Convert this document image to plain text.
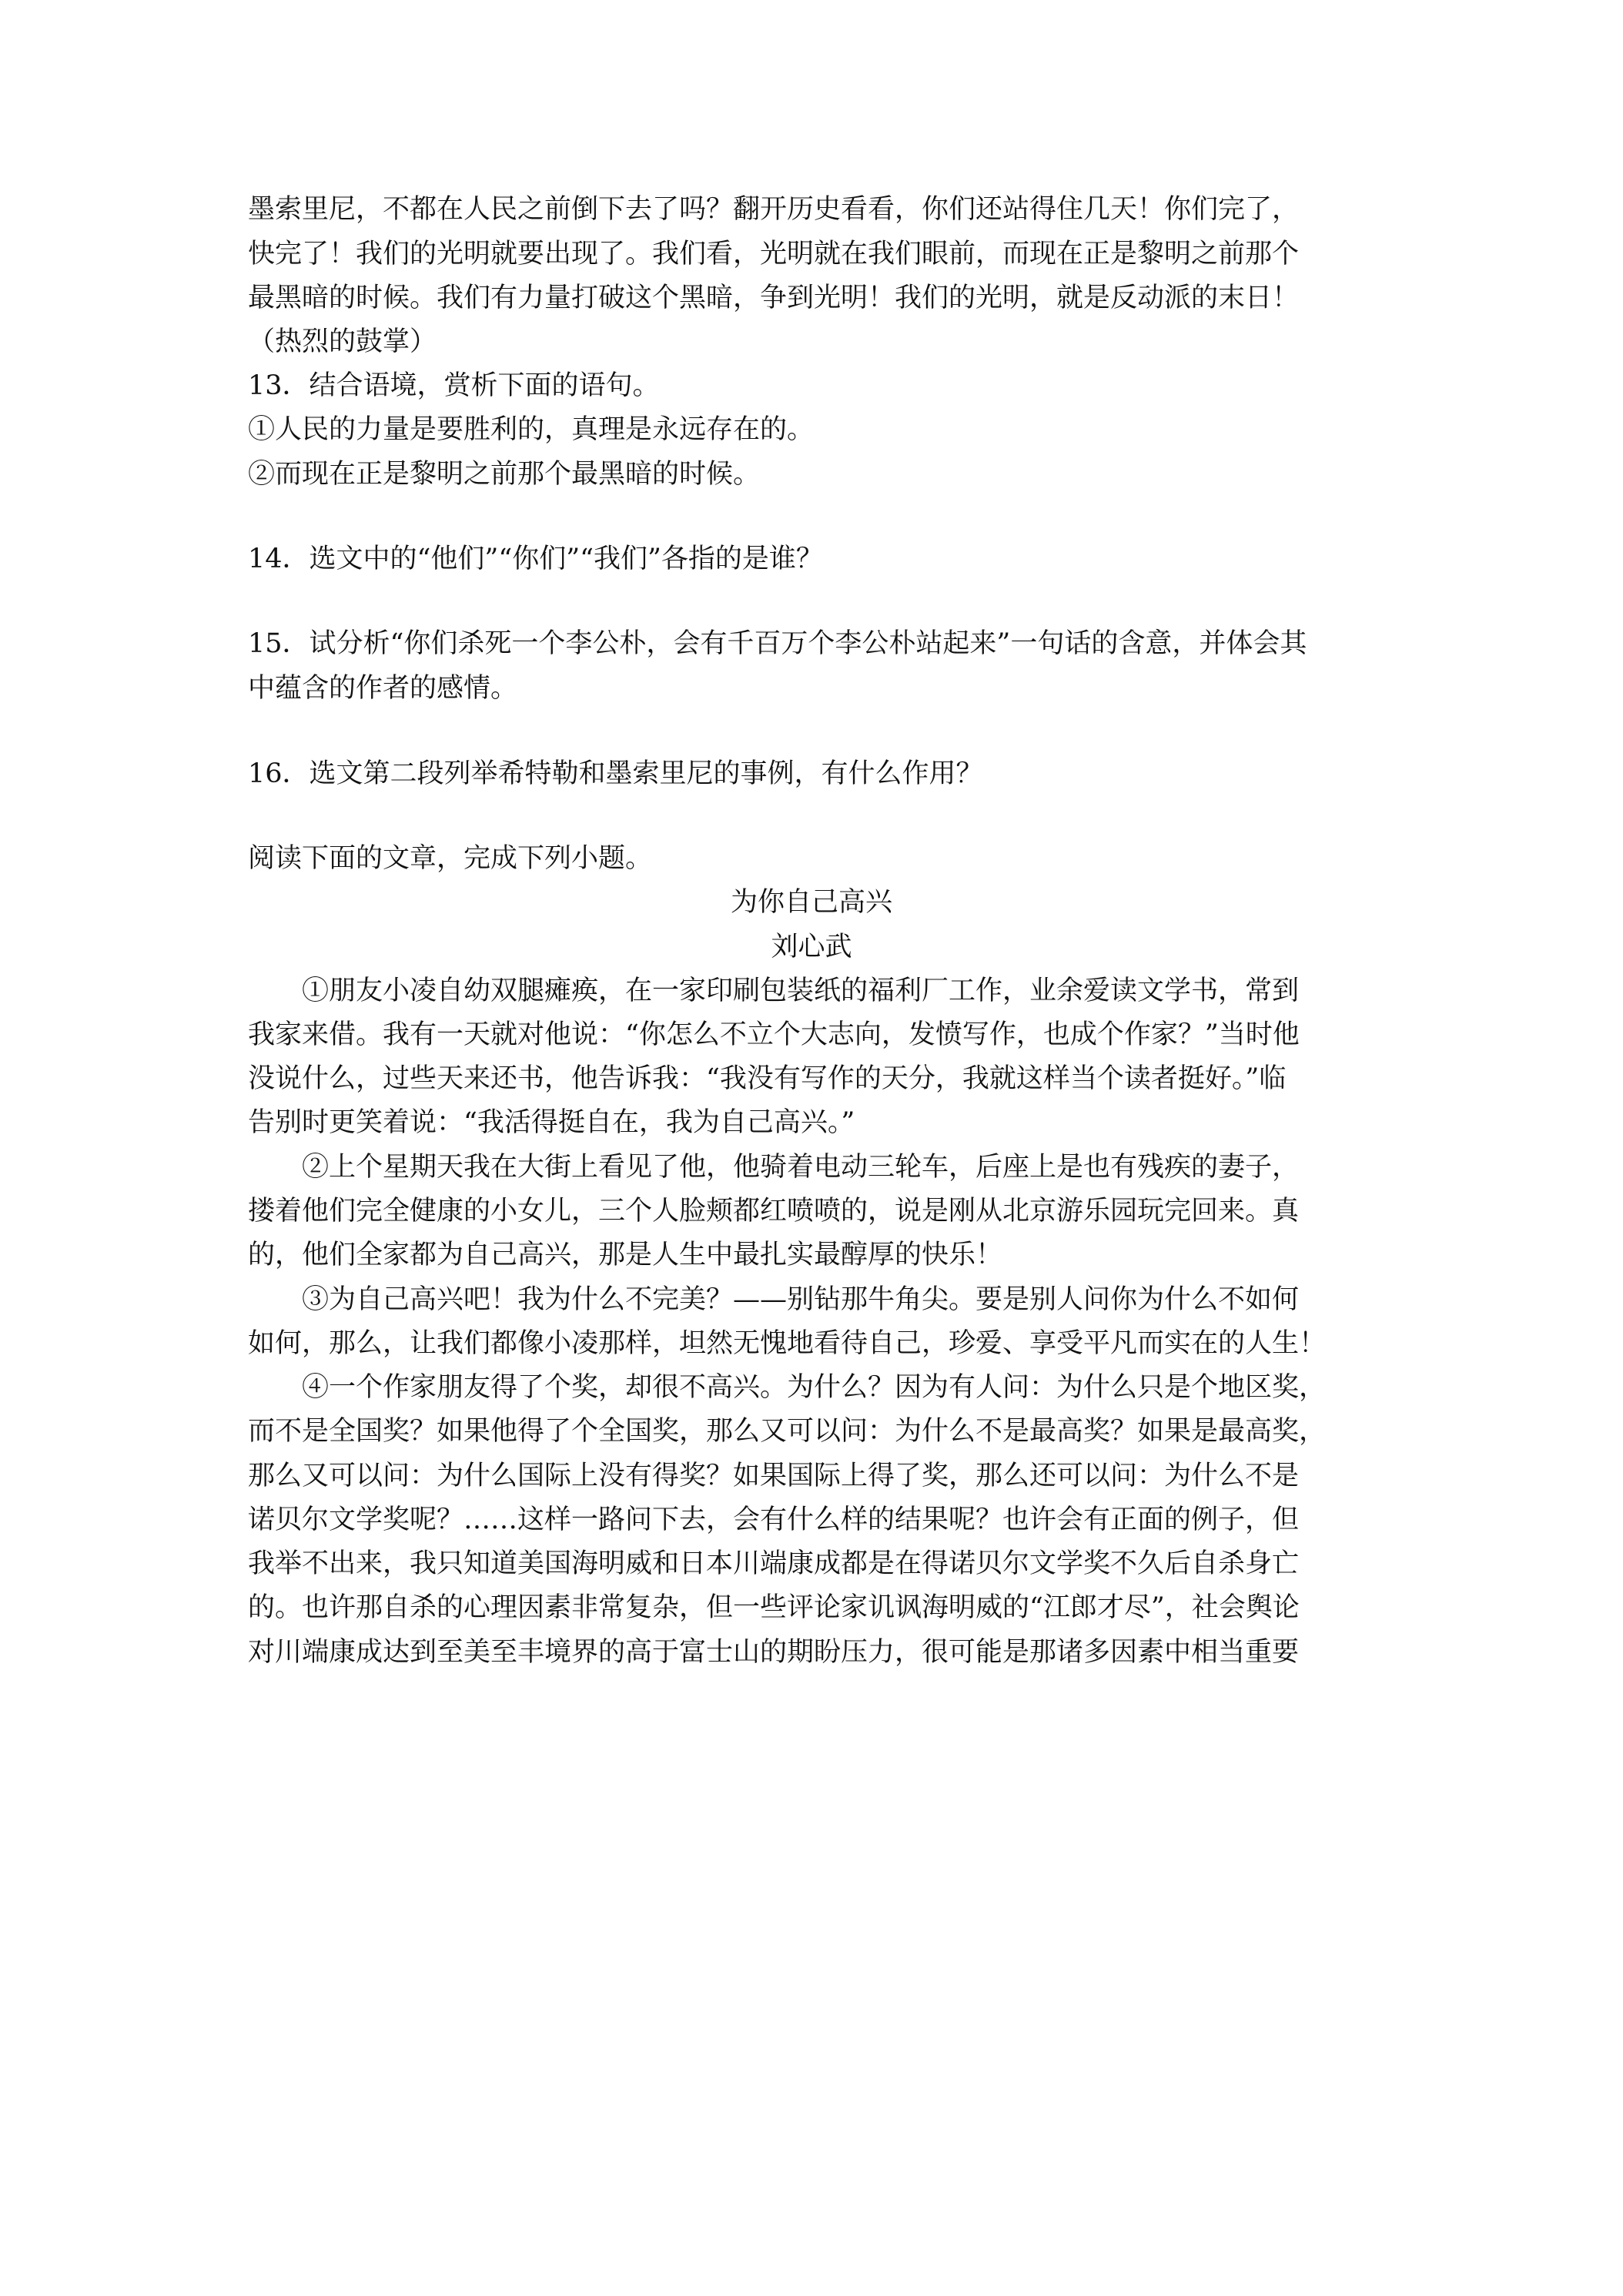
墨索里尼，不都在人民之前倒下去了吗？翻开历史看看，你们还站得住几天！你们完了，
快完了！我们的光明就要出现了。我们看，光明就在我们眼前，而现在正是黎明之前那个
最黑暗的时候。我们有力量打破这个黑暗，争到光明！我们的光明，就是反动派的末日！
（热烈的鼓掌）
13．结合语境，赏析下面的语句。
①人民的力量是要胜利的，真理是永远存在的。
②而现在正是黎明之前那个最黑暗的时候。
14．选文中的“他们”“你们”“我们”各指的是谁？
15．试分析“你们杀死一个李公朴，会有千百万个李公朴站起来”一句话的含意，并体会其
中蕴含的作者的感情。
16．选文第二段列举希特勒和墨索里尼的事例，有什么作用？
阅读下面的文章，完成下列小题。
为你自己高兴
刘心武
①朋友小凌自幼双腿瘫痪，在一家印刷包装纸的福利厂工作，业余爱读文学书，常到
我家来借。我有一天就对他说：“你怎么不立个大志向，发愤写作，也成个作家？”当时他
没说什么，过些天来还书，他告诉我：“我没有写作的天分，我就这样当个读者挺好。”临
告别时更笑着说：“我活得挺自在，我为自己高兴。”
②上个星期天我在大街上看见了他，他骑着电动三轮车，后座上是也有残疾的妻子，
搂着他们完全健康的小女儿，三个人脸颊都红喷喷的，说是刚从北京游乐园玩完回来。真
的，他们全家都为自己高兴，那是人生中最扎实最醇厚的快乐！
③为自己高兴吧！我为什么不完美？——别钻那牛角尖。要是别人问你为什么不如何
如何，那么，让我们都像小凌那样，坦然无愧地看待自己，珍爱、享受平凡而实在的人生！
④一个作家朋友得了个奖，却很不高兴。为什么？因为有人问：为什么只是个地区奖，
而不是全国奖？如果他得了个全国奖，那么又可以问：为什么不是最高奖？如果是最高奖，
那么又可以问：为什么国际上没有得奖？如果国际上得了奖，那么还可以问：为什么不是
诺贝尔文学奖呢？……这样一路问下去，会有什么样的结果呢？也许会有正面的例子，但
我举不出来，我只知道美国海明威和日本川端康成都是在得诺贝尔文学奖不久后自杀身亡
的。也许那自杀的心理因素非常复杂，但一些评论家讥讽海明威的“江郎才尽”，社会舆论
对川端康成达到至美至丰境界的高于富士山的期盼压力，很可能是那诸多因素中相当重要
